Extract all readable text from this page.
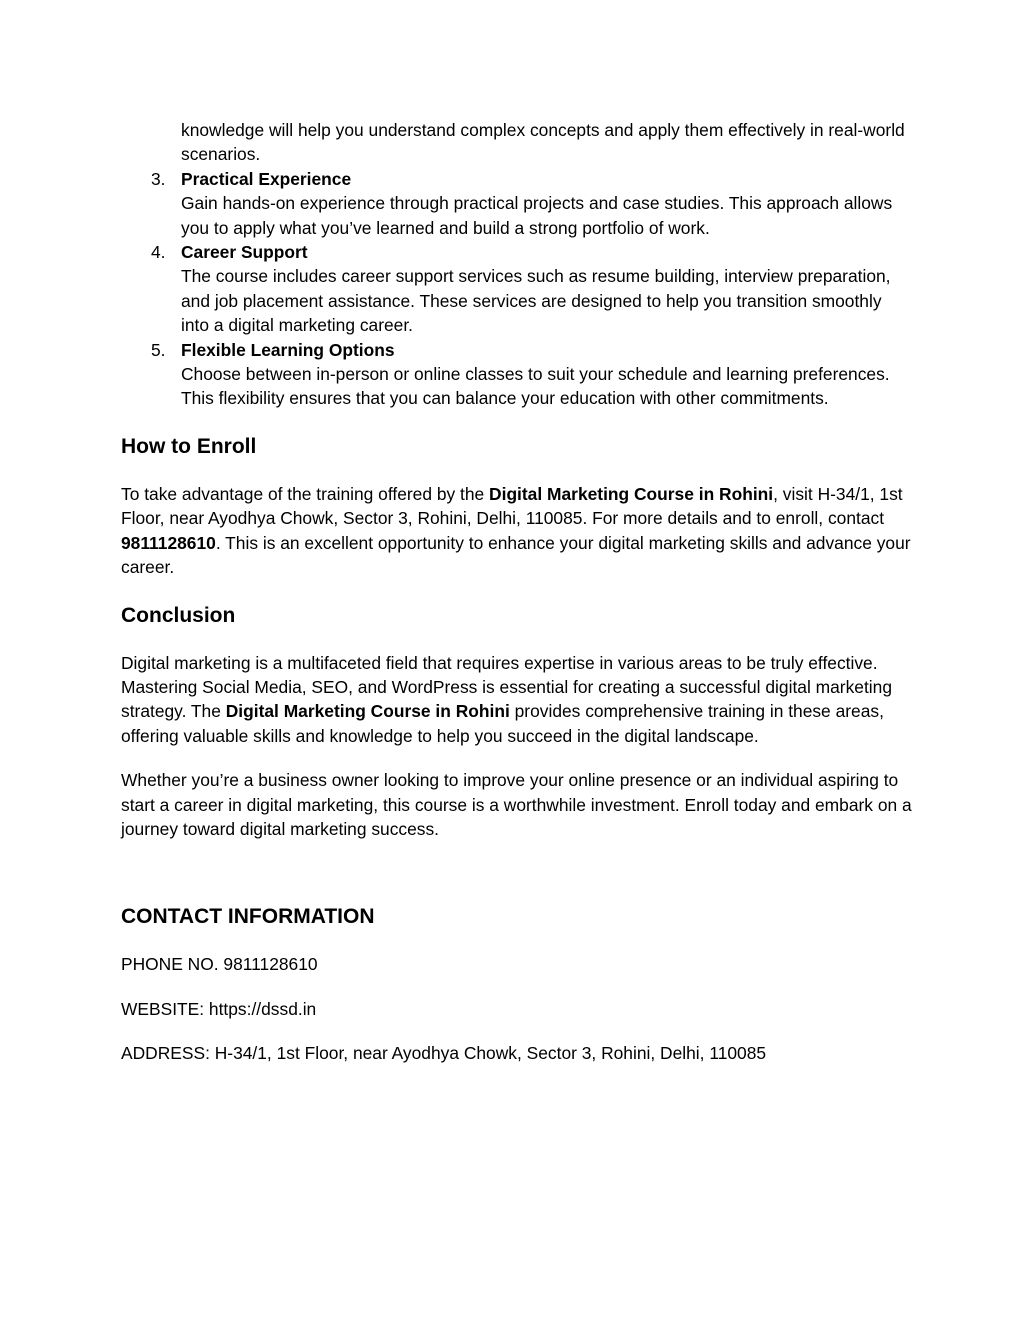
knowledge will help you understand complex concepts and apply them effectively in real-world scenarios.

3 . Practical Experience
Gain hands-on experience through practical projects and case studies. This approach allows you to apply what you’ve learned and build a strong portfolio of work.
4 . Career Support
The course includes career support services such as resume building, interview preparation, and job placement assistance. These services are designed to help you transition smoothly into a digital marketing career.
5 . Flexible Learning Options
Choose between in-person or online classes to suit your schedule and learning preferences. This flexibility ensures that you can balance your education with other commitments.
How to Enroll

To take advantage of the training offered by the Digital Marketing Course in Rohini, visit H-34/1, 1st Floor, near Ayodhya Chowk, Sector 3, Rohini, Delhi, 110085. For more details and to enroll, contact 9811128610. This is an excellent opportunity to enhance your digital marketing skills and advance your career.

Conclusion

Digital marketing is a multifaceted field that requires expertise in various areas to be truly effective. Mastering Social Media, SEO, and WordPress is essential for creating a successful digital marketing strategy. The Digital Marketing Course in Rohini provides comprehensive training in these areas, offering valuable skills and knowledge to help you succeed in the digital landscape.

Whether you’re a business owner looking to improve your online presence or an individual aspiring to start a career in digital marketing, this course is a worthwhile investment. Enroll today and embark on a journey toward digital marketing success.

CONTACT INFORMATION

PHONE NO. 9811128610

WEBSITE: https://dssd.in

ADDRESS: H-34/1, 1st Floor, near Ayodhya Chowk, Sector 3, Rohini, Delhi, 110085
